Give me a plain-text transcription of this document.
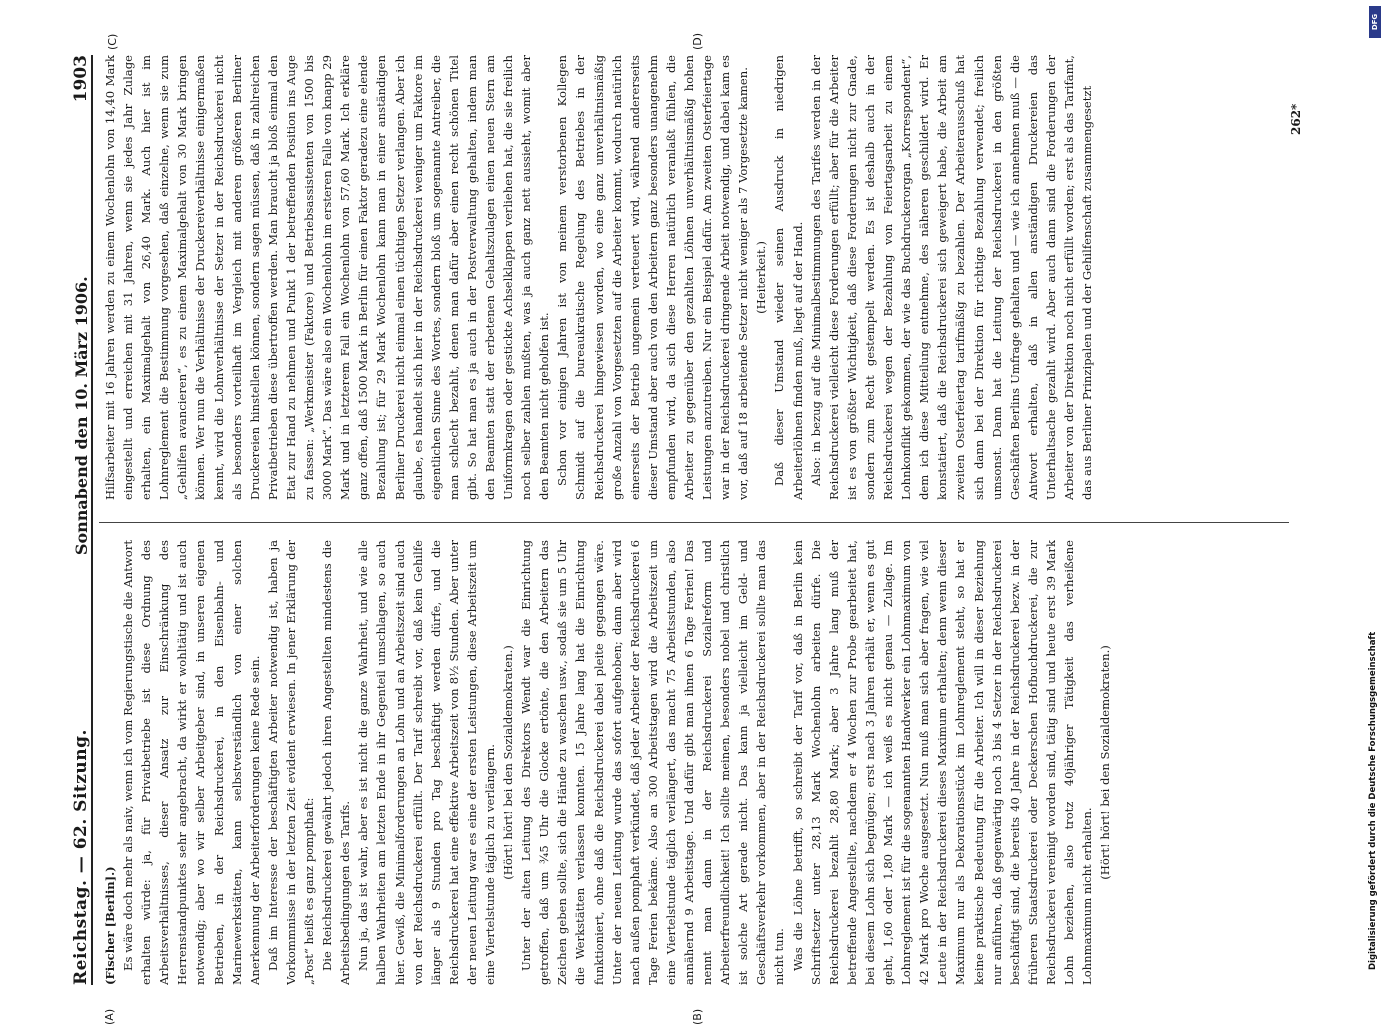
Reichstag. — 62. Sitzung.
Sonnabend den 10. März 1906.
1903
(A)	(B)
(C)	(D)

(Fischer [Berlin].) Es wäre doch mehr als naiv, wenn ich vom Regierungstische die Antwort erhalten würde: ja, für Privatbetriebe ist diese Ordnung des Arbeitsverhältnisses, dieser Ansatz zur Einschränkung des Herrenstandpunktes sehr angebracht, da wirkt er wohltätig und ist auch notwendig; aber wo wir selber Arbeitgeber sind, in unseren eigenen Betrieben, in der Reichsdruckerei, in den Eisenbahn- und Marinewerkstätten, kann selbstverständlich von einer solchen Anerkennung der Arbeiterforderungen keine Rede sein. Daß im Interesse der beschäftigten Arbeiter notwendig ist, haben ja Vorkommnisse in der letzten Zeit evident erwiesen. In jener Erklärung der „Post“ heißt es ganz pompthaft: Die Reichsdruckerei gewährt jedoch ihren Angestellten mindestens die Arbeitsbedingungen des Tarifs. Nun ja, das ist wahr, aber es ist nicht die ganze Wahrheit, und wie alle halben Wahrheiten am letzten Ende in ihr Gegenteil umschlagen, so auch hier. Gewiß, die Minimalforderungen an Lohn und an Arbeitszeit sind auch von der Reichsdruckerei erfüllt. Der Tarif schreibt vor, daß kein Gehilfe länger als 9 Stunden pro Tag beschäftigt werden dürfe, und die Reichsdruckerei hat eine effektive Arbeitszeit von 8½ Stunden. Aber unter der neuen Leitung war es eine der ersten Leistungen, diese Arbeitszeit um eine Viertelstunde täglich zu verlängern. (Hört! hört! bei den Sozialdemokraten.) Unter der alten Leitung des Direktors Wendt war die Einrichtung getroffen, daß um ¾5 Uhr die Glocke ertönte, die den Arbeitern das Zeichen geben sollte, sich die Hände zu waschen usw., sodaß sie um 5 Uhr die Werkstätten verlassen konnten. 15 Jahre lang hat die Einrichtung funktioniert, ohne daß die Reichsdruckerei dabei pleite gegangen wäre. Unter der neuen Leitung wurde das sofort aufgehoben; dann aber wird nach außen pomphaft verkündet, daß jeder Arbeiter der Reichsdruckerei 6 Tage Ferien bekäme. Also an 300 Arbeitstagen wird die Arbeitszeit um eine Viertelstunde täglich verlängert, das macht 75 Arbeitsstunden, also annähernd 9 Arbeitstage. Und dafür gibt man ihnen 6 Tage Ferien! Das nennt man dann in der Reichsdruckerei Sozialreform und Arbeiterfreundlichkeit! Ich sollte meinen, besonders nobel und christlich ist solche Art gerade nicht. Das kann ja vielleicht im Geld- und Geschäftsverkehr vorkommen, aber in der Reichsdruckerei sollte man das nicht tun. Was die Löhne betrifft, so schreibt der Tarif vor, daß in Berlin kein Schriftsetzer unter 28,13 Mark Wochenlohn arbeiten dürfe. Die Reichsdruckerei bezahlt 28,80 Mark; aber 3 Jahre lang muß der betreffende Angestellte, nachdem er 4 Wochen zur Probe gearbeitet hat, bei diesem Lohn sich begnügen; erst nach 3 Jahren erhält er, wenn es gut geht, 1,60 oder 1,80 Mark — ich weiß es nicht genau — Zulage. Im Lohnreglement ist für die sogenannten Handwerker ein Lohnmaximum von 42 Mark pro Woche ausgesetzt. Nun muß man sich aber fragen, wie viel Leute in der Reichsdruckerei dieses Maximum erhalten; denn wenn dieser Maximum nur als Dekorationsstück im Lohnreglement steht, so hat er keine praktische Bedeutung für die Arbeiter. Ich will in dieser Beziehung nur anführen, daß gegenwärtig noch 3 bis 4 Setzer in der Reichsdruckerei beschäftigt sind, die bereits 40 Jahre in der Reichsdruckerei bezw. in der früheren Staatsdruckerei oder Deckerschen Hofbuchdruckerei, die zur Reichsdruckerei vereinigt worden sind, tätig sind und heute erst 39 Mark Lohn beziehen, also trotz 40jähriger Tätigkeit das verheißene Lohnmaximum nicht erhalten.

(Hört! hört! bei den Sozialdemokraten.)

Hilfsarbeiter mit 16 Jahren werden zu einem Wochenlohn von 14,40 Mark eingestellt und erreichen mit 31 Jahren, wenn sie jedes Jahr Zulage erhalten, ein Maximalgehalt von 26,40 Mark. Auch hier ist im Lohnreglement die Bestimmung vorgesehen, daß einzelne, wenn sie zum „Gehilfen avancieren“, es zu einem Maximalgehalt von 30 Mark bringen können. Wer nun die Verhältnisse der Druckereiverhältnisse einigermaßen kennt, wird die Lohnverhältnisse der Setzer in der Reichsdruckerei nicht als besonders vorteilhaft im Vergleich mit anderen größeren Berliner Druckereien hinstellen können, sondern sagen müssen, daß in zahlreichen Privatbetrieben diese übertroffen werden. Man braucht ja bloß einmal den Etat zur Hand zu nehmen und Punkt 1 der betreffenden Position ins Auge zu fassen: „Werkmeister (Faktore) und Betriebsassistenten von 1500 bis 3000 Mark“. Das wäre also ein Wochenlohn im ersteren Falle von knapp 29 Mark und in letzterem Fall ein Wochenlohn von 57,60 Mark. Ich erkläre ganz offen, daß 1500 Mark in Berlin für einen Faktor geradezu eine elende Bezahlung ist; für 29 Mark Wochenlohn kann man in einer anständigen Berliner Druckerei nicht einmal einen tüchtigen Setzer verlangen. Aber ich glaube, es handelt sich hier in der Reichsdruckerei weniger um Faktore im eigentlichen Sinne des Wortes, sondern bloß um sogenannte Antreiber, die man schlecht bezahlt, denen man dafür aber einen recht schönen Titel gibt. So hat man es ja auch in der Postverwaltung gehalten, indem man den Beamten statt der erbetenen Gehaltszulagen einen neuen Stern am Uniformkragen oder gestickte Achselklappen verliehen hat, die sie freilich noch selber zahlen mußten, was ja auch ganz nett aussieht, womit aber den Beamten nicht geholfen ist. Schon vor einigen Jahren ist von meinem verstorbenen Kollegen Schmidt auf die bureaukratische Regelung des Betriebes in der Reichsdruckerei hingewiesen worden, wo eine ganz unverhältnismäßig große Anzahl von Vorgesetzten auf die Arbeiter kommt, wodurch natürlich einerseits der Betrieb ungemein verteuert wird, während andererseits dieser Umstand aber auch von den Arbeitern ganz besonders unangenehm empfunden wird, da sich diese Herren natürlich veranlaßt fühlen, die Arbeiter zu gegenüber den gezahlten Löhnen unverhältnismäßig hohen Leistungen anzutreiben. Nur ein Beispiel dafür. Am zweiten Osterfeiertage war in der Reichsdruckerei dringende Arbeit notwendig, und dabei kam es vor, daß auf 18 arbeitende Setzer nicht weniger als 7 Vorgesetzte kamen. (Heiterkeit.) Daß dieser Umstand wieder seinen Ausdruck in niedrigen Arbeiterlöhnen finden muß, liegt auf der Hand. Also: in bezug auf die Minimalbestimmungen des Tarifes werden in der Reichsdruckerei vielleicht diese Forderungen erfüllt; aber für die Arbeiter ist es von größter Wichtigkeit, daß diese Forderungen nicht zur Gnade, sondern zum Recht gestempelt werden. Es ist deshalb auch in der Reichsdruckerei wegen der Bezahlung von Feiertagsarbeit zu einem Lohnkonflikt gekommen, der wie das Buchdruckerorgan „Korrespondent“, dem ich diese Mitteilung entnehme, des näheren geschildert wird. Er konstatiert, daß die Reichsdruckerei sich geweigert habe, die Arbeit am zweiten Osterfeiertag tarifmäßig zu bezahlen. Der Arbeiterausschuß hat sich dann bei der Direktion für richtige Bezahlung verwendet; freilich umsonst. Dann hat die Leitung der Reichsdruckerei in den größten Geschäften Berlins Umfrage gehalten und — wie ich annehmen muß — die Antwort erhalten, daß in allen anständigen Druckereien das Unterhaltsache gezahlt wird. Aber auch dann sind die Forderungen der Arbeiter von der Direktion noch nicht erfüllt worden; erst als das Tarifamt, das aus Berliner Prinzipalen und der Gehilfenschaft zusammengesetzt	262*
DFG
Digitalisierung gefördert durch die Deutsche Forschungsgemeinschaft
